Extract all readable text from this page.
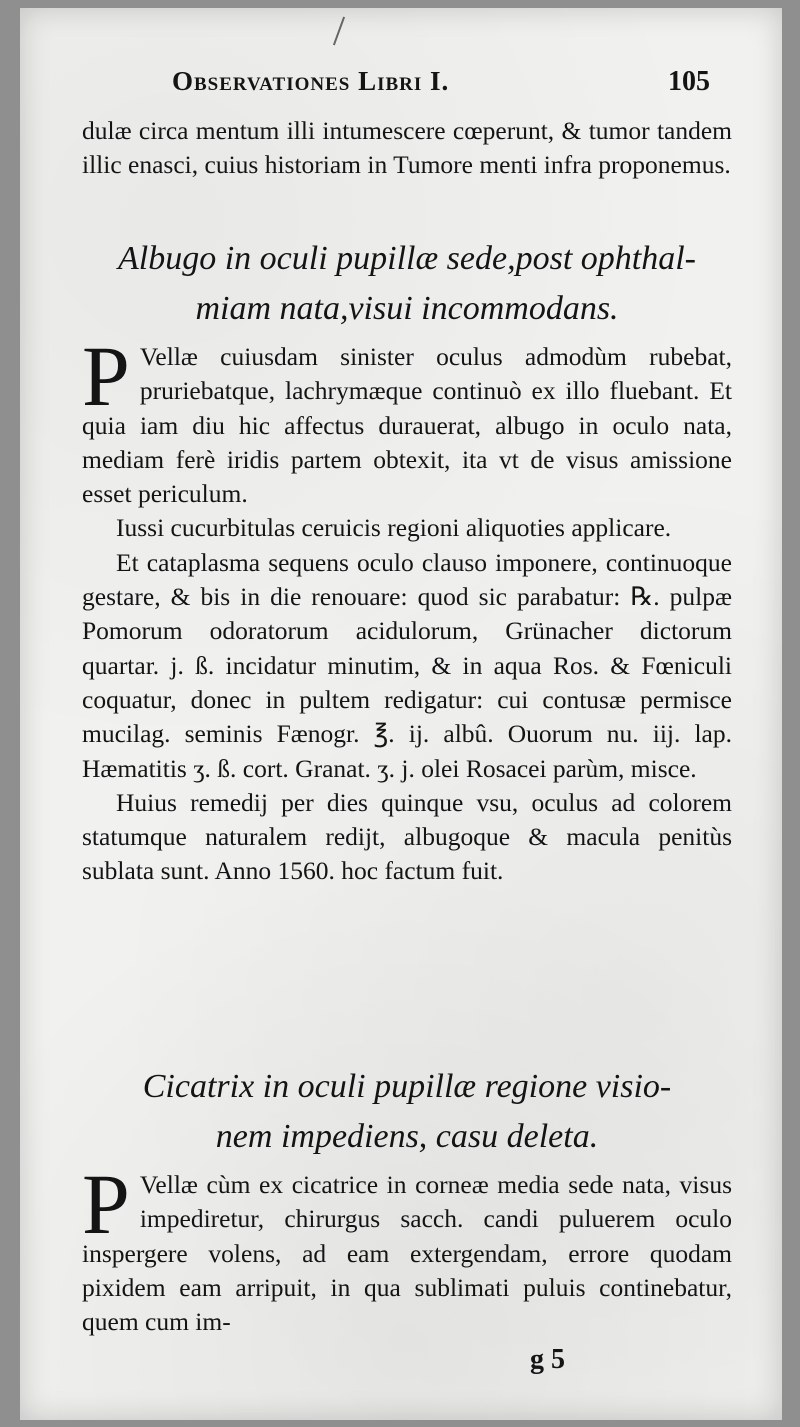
Observationes Libri I.	105

dulæ circa mentum illi intumescere cœperunt, & tumor tandem illic enasci, cuius historiam in Tumore menti infra proponemus.

Albugo in oculi pupillæ sede,post ophthal-
miam nata,visui incommodans.

P Vellæ cuiusdam sinister oculus admodùm rubebat, pruriebatque, lachrymæque continuò ex illo fluebant. Et quia iam diu hic affectus durauerat, albugo in oculo nata, mediam ferè iridis partem obtexit, ita vt de visus amissione esset periculum.

Iussi cucurbitulas ceruicis regioni aliquoties applicare.

Et cataplasma sequens oculo clauso imponere, continuoque gestare, & bis in die renouare: quod sic parabatur: ℞. pulpæ Pomorum odoratorum acidulorum, Grünacher dictorum quartar. j. ß. incidatur minutim, & in aqua Ros. & Fœniculi coquatur, donec in pultem redigatur: cui contusæ permisce mucilag. seminis Fænogr. ℥. ij. albû. Ouorum nu. iij. lap. Hæmatitis ʒ. ß. cort. Granat. ʒ. j. olei Rosacei parùm, misce.

Huius remedij per dies quinque vsu, oculus ad colorem statumque naturalem redijt, albugoque & macula penitùs sublata sunt. Anno 1560. hoc factum fuit.

Cicatrix in oculi pupillæ regione visio-
nem impediens, casu deleta.

P Vellæ cùm ex cicatrice in corneæ media sede nata, visus impediretur, chirurgus sacch. candi puluerem oculo inspergere volens, ad eam extergendam, errore quodam pixidem eam arripuit, in qua sublimati puluis continebatur, quem cum im-

g 5
